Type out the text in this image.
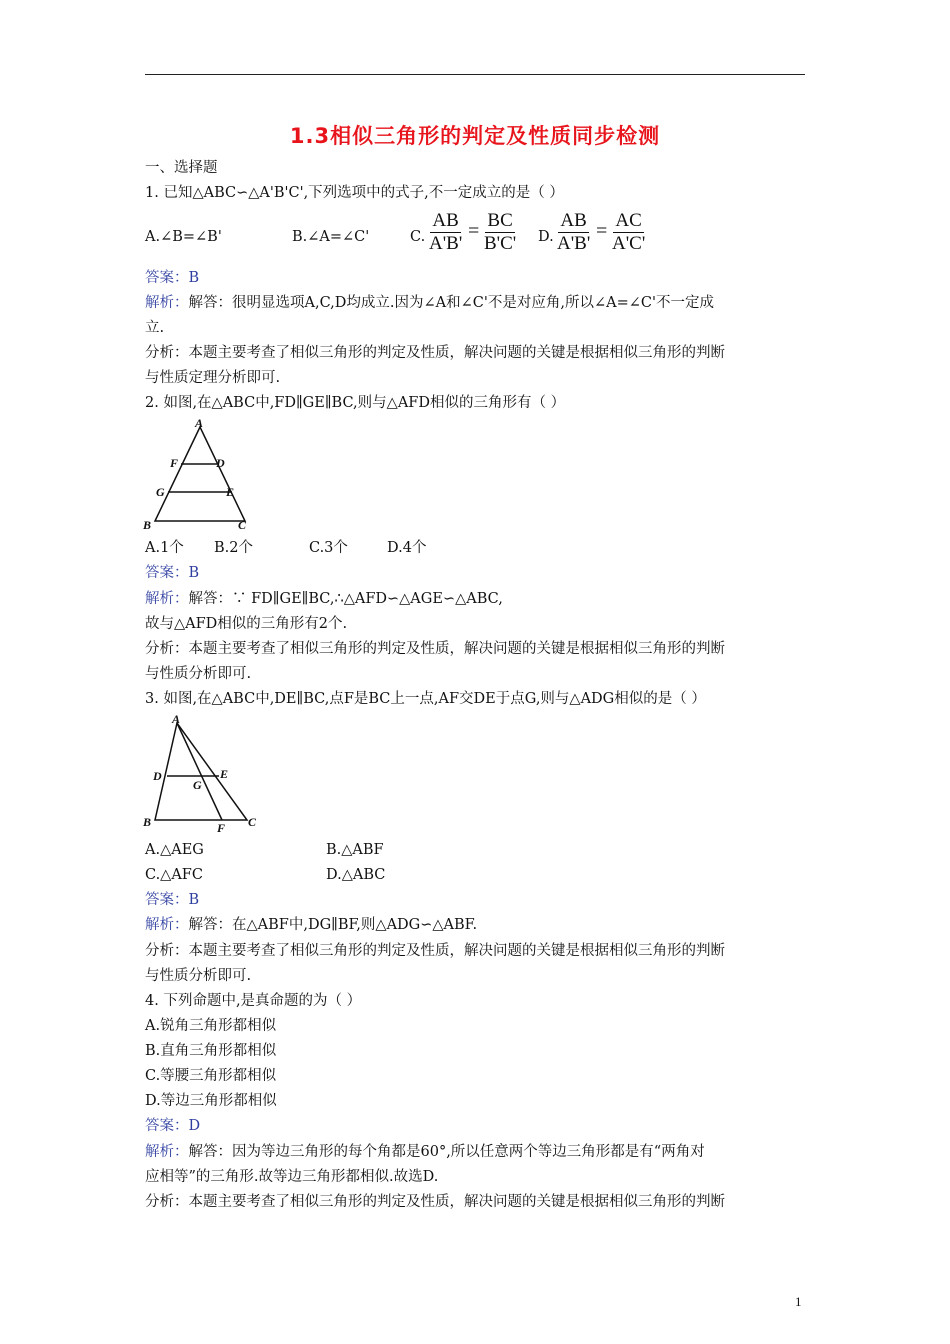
1.3相似三角形的判定及性质同步检测
一、选择题
1. 已知△ABC∽△A'B'C',下列选项中的式子,不一定成立的是（ ）
A.∠B=∠B'	B.∠A=∠C'	C. $\frac{AB}{A'B'} = \frac{BC}{B'C'} D$. $\frac{AB}{A'B'} = \frac{AC}{A'C'}$
答案：B
解析：解答：很明显选项A,C,D均成立.因为∠A和∠C'不是对应角,所以∠A=∠C'不一定成
立.
分析：本题主要考查了相似三角形的判定及性质，解决问题的关键是根据相似三角形的判断
与性质定理分析即可.
2. 如图,在△ABC中,FD∥GE∥BC,则与△AFD相似的三角形有（ ）
A
F	D
G	E
B	C
A.1个 B.2个	C.3个	D.4个
答案：B
解析：解答：∵ FD∥GE∥BC,∴△AFD∽△AGE∽△ABC,
故与△AFD相似的三角形有2个.
分析：本题主要考查了相似三角形的判定及性质，解决问题的关键是根据相似三角形的判断
与性质分析即可.
3. 如图,在△ABC中,DE∥BC,点F是BC上一点,AF交DE于点G,则与△ADG相似的是（ ）
A
D	E
G
B	F C
A.△AEG	B.△ABF
C.△AFC	D.△ABC
答案：B
解析：解答：在△ABF中,DG∥BF,则△ADG∽△ABF.
分析：本题主要考查了相似三角形的判定及性质，解决问题的关键是根据相似三角形的判断
与性质分析即可.
4. 下列命题中,是真命题的为（ ）
A.锐角三角形都相似
B.直角三角形都相似
C.等腰三角形都相似
D.等边三角形都相似
答案：D
解析：解答：因为等边三角形的每个角都是60°,所以任意两个等边三角形都是有“两角对
应相等”的三角形.故等边三角形都相似.故选D.
分析：本题主要考查了相似三角形的判定及性质，解决问题的关键是根据相似三角形的判断
1
